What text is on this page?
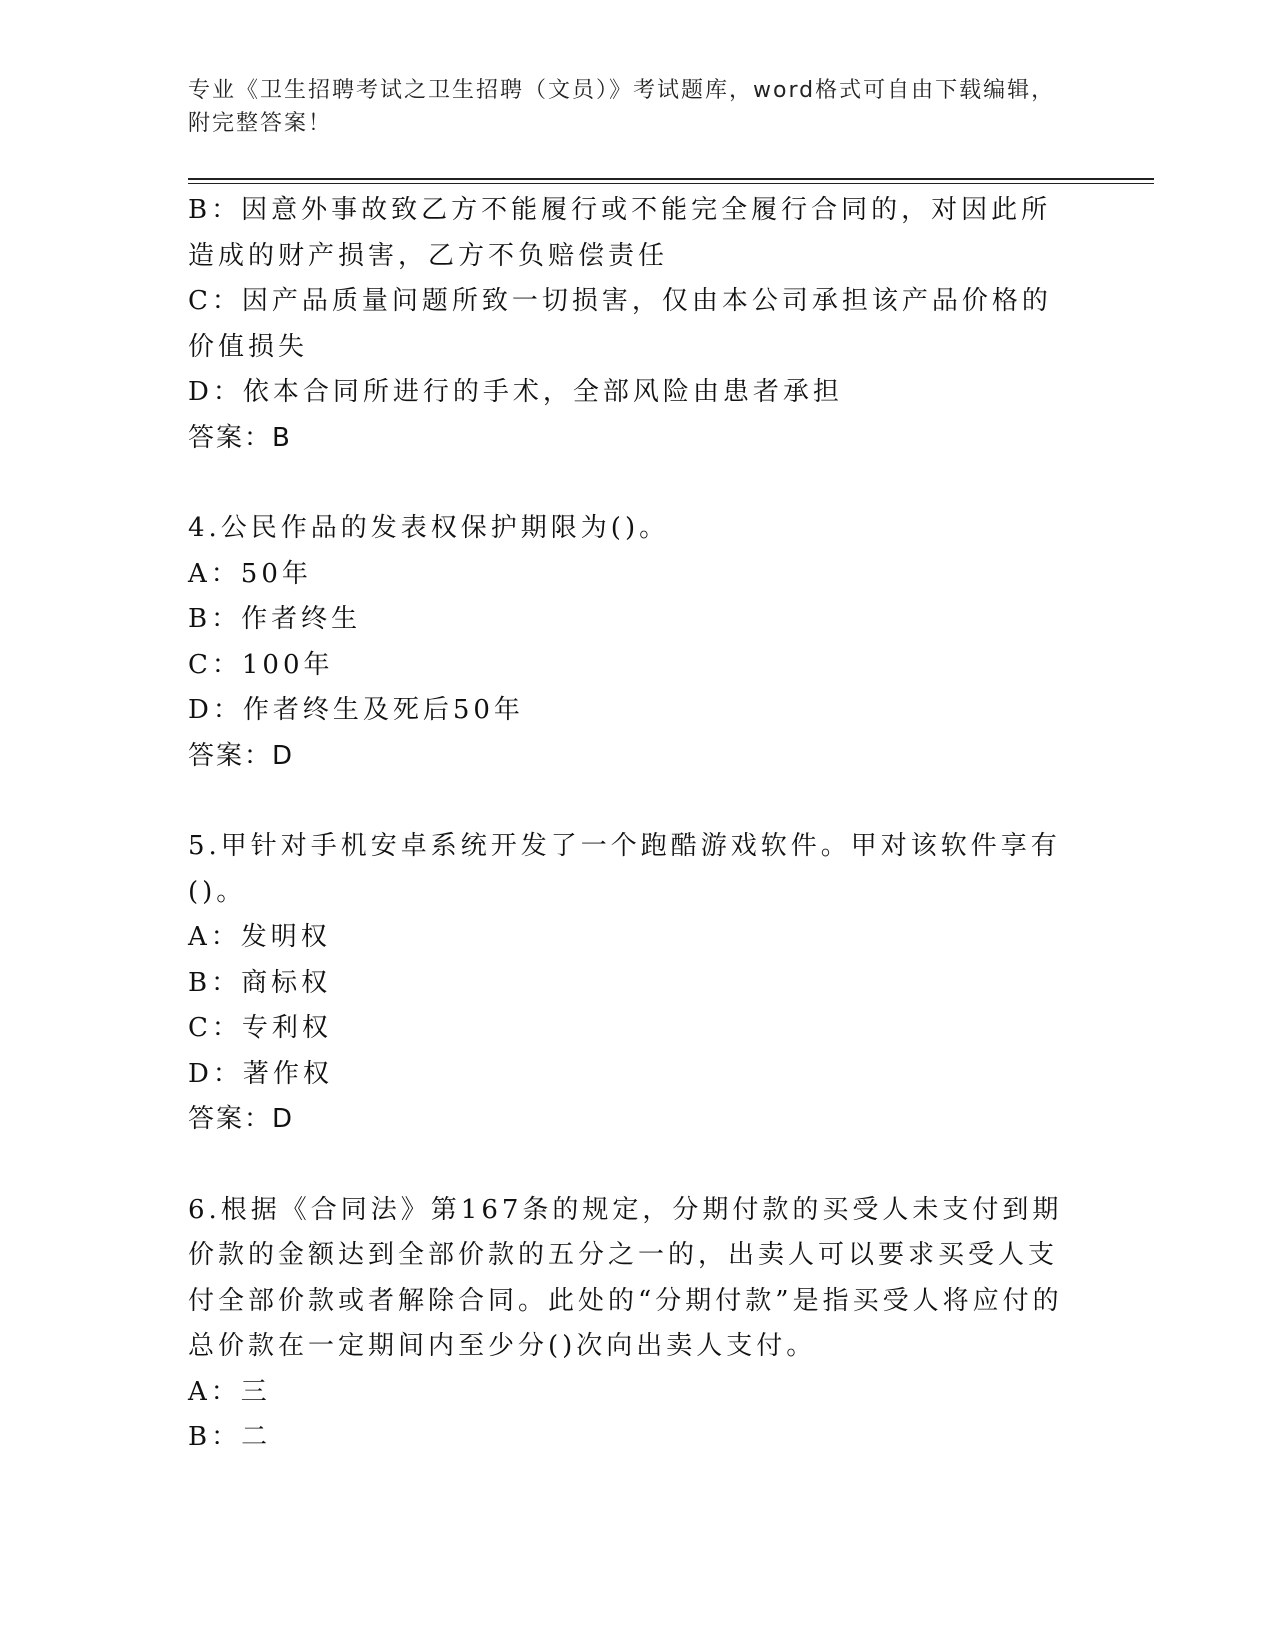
专业《卫生招聘考试之卫生招聘（文员）》考试题库，word格式可自由下载编辑，附完整答案！
B：因意外事故致乙方不能履行或不能完全履行合同的，对因此所造成的财产损害，乙方不负赔偿责任
C：因产品质量问题所致一切损害，仅由本公司承担该产品价格的价值损失
D：依本合同所进行的手术，全部风险由患者承担
答案：B
4.公民作品的发表权保护期限为()。
A：50年
B：作者终生
C：100年
D：作者终生及死后50年
答案：D
5.甲针对手机安卓系统开发了一个跑酷游戏软件。甲对该软件享有()。
A：发明权
B：商标权
C：专利权
D：著作权
答案：D
6.根据《合同法》第167条的规定，分期付款的买受人未支付到期价款的金额达到全部价款的五分之一的，出卖人可以要求买受人支付全部价款或者解除合同。此处的“分期付款”是指买受人将应付的总价款在一定期间内至少分()次向出卖人支付。
A：三
B：二
